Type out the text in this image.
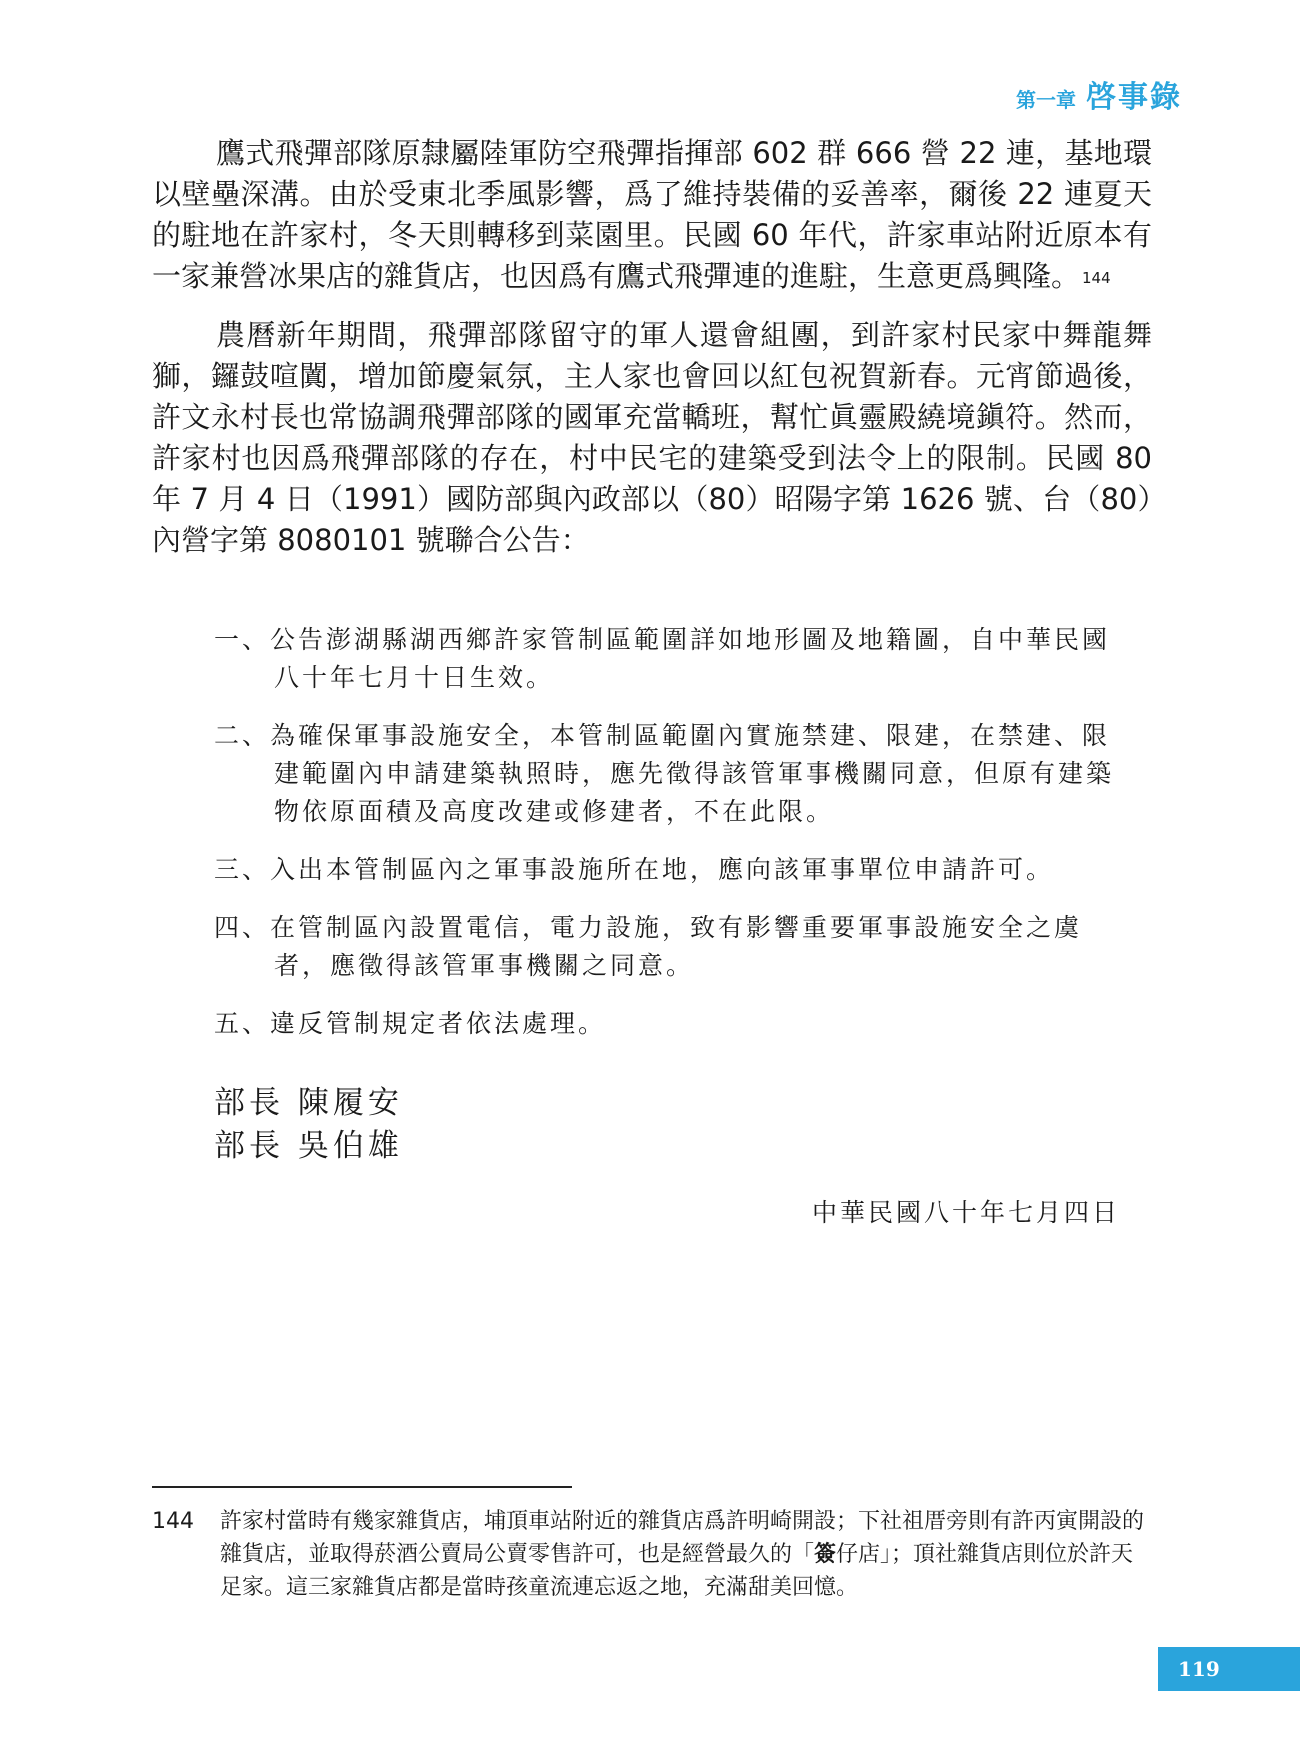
第一章 啓事錄

鷹式飛彈部隊原隸屬陸軍防空飛彈指揮部 602 群 666 營 22 連，基地環以壁壘深溝。由於受東北季風影響，爲了維持裝備的妥善率，爾後 22 連夏天的駐地在許家村，冬天則轉移到菜園里。民國 60 年代，許家車站附近原本有一家兼營冰果店的雜貨店，也因爲有鷹式飛彈連的進駐，生意更爲興隆。 $^{144}$

農曆新年期間，飛彈部隊留守的軍人還會組團，到許家村民家中舞龍舞獅，鑼鼓喧闐，增加節慶氣氛，主人家也會回以紅包祝賀新春。元宵節過後，許文永村長也常協調飛彈部隊的國軍充當轎班，幫忙眞靈殿繞境鎭符。然而，許家村也因爲飛彈部隊的存在，村中民宅的建築受到法令上的限制。民國 80 年 7 月 4 日（1991）國防部與內政部以（80）昭陽字第 1626 號、台（80）內營字第 8080101 號聯合公告：

一、公告澎湖縣湖西鄉許家管制區範圍詳如地形圖及地籍圖，自中華民國八十年七月十日生效。
二、為確保軍事設施安全，本管制區範圍內實施禁建、限建，在禁建、限建範圍內申請建築執照時，應先徵得該管軍事機關同意，但原有建築物依原面積及高度改建或修建者，不在此限。
三、入出本管制區內之軍事設施所在地，應向該軍事單位申請許可。
四、在管制區內設置電信，電力設施，致有影響重要軍事設施安全之虞者，應徵得該管軍事機關之同意。
五、違反管制規定者依法處理。
部長 陳履安
部長 吳伯雄
中華民國八十年七月四日
144	許家村當時有幾家雜貨店，埔頂車站附近的雜貨店爲許明崎開設；下社祖厝旁則有許丙寅開設的雜貨店，並取得菸酒公賣局公賣零售許可，也是經營最久的「簽仔店」；頂社雜貨店則位於許天足家。這三家雜貨店都是當時孩童流連忘返之地，充滿甜美回憶。
119
